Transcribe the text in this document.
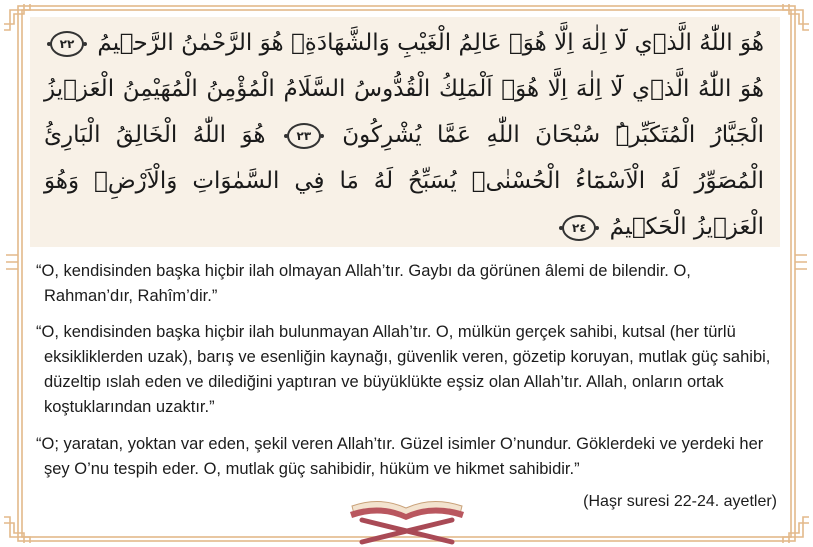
هُوَ اللّٰهُ الَّذ۪ي لَٓا اِلٰهَ اِلَّا هُوَۚ عَالِمُ الْغَيْبِ وَالشَّهَادَةِۚ هُوَ الرَّحْمٰنُ الرَّح۪يمُ ٢٢
هُوَ اللّٰهُ الَّذ۪ي لَٓا اِلٰهَ اِلَّا هُوَۚ اَلْمَلِكُ الْقُدُّوسُ السَّلَامُ الْمُؤْمِنُ الْمُهَيْمِنُ الْعَز۪يزُ
الْجَبَّارُ الْمُتَكَبِّرُۜ سُبْحَانَ اللّٰهِ عَمَّا يُشْرِكُونَ ٢٣ هُوَ اللّٰهُ الْخَالِقُ الْبَارِئُ
الْمُصَوِّرُ لَهُ الْاَسْمَٓاءُ الْحُسْنٰىۜ يُسَبِّحُ لَهُ مَا فِي السَّمٰوَاتِ وَالْاَرْضِۚ وَهُوَ
الْعَز۪يزُ الْحَك۪يمُ ٢٤

“O, kendisinden başka hiçbir ilah olmayan Allah’tır. Gaybı da görünen âlemi de bilendir. O, Rahman’dır, Rahîm’dir.”

“O, kendisinden başka hiçbir ilah bulunmayan Allah’tır. O, mülkün gerçek sahibi, kutsal (her türlü eksikliklerden uzak), barış ve esenliğin kaynağı, güvenlik veren, gözetip koruyan, mutlak güç sahibi, düzeltip ıslah eden ve dilediğini yaptıran ve büyüklükte eşsiz olan Allah’tır. Allah, onların ortak koştuklarından uzaktır.”

“O; yaratan, yoktan var eden, şekil veren Allah’tır. Güzel isimler O’nundur. Göklerdeki ve yerdeki her şey O’nu tespih eder. O, mutlak güç sahibidir, hüküm ve hikmet sahibidir.”

(Haşr suresi 22-24. ayetler)
